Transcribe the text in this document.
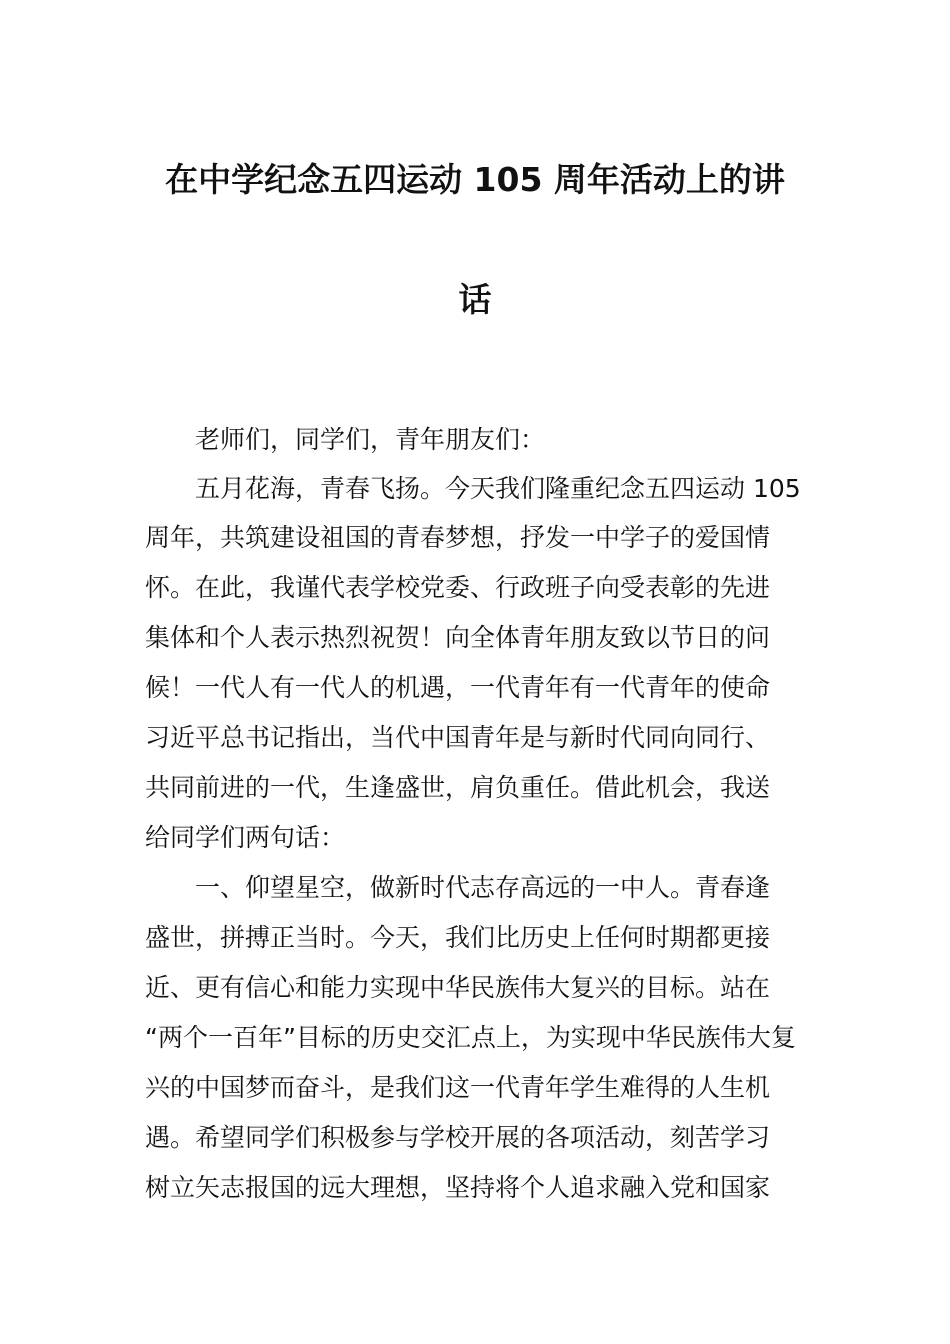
在中学纪念五四运动 105 周年活动上的讲
话
老师们，同学们，青年朋友们：
五月花海，青春飞扬。今天我们隆重纪念五四运动 105
周年，共筑建设祖国的青春梦想，抒发一中学子的爱国情
怀。在此，我谨代表学校党委、行政班子向受表彰的先进
集体和个人表示热烈祝贺！向全体青年朋友致以节日的问
候！一代人有一代人的机遇，一代青年有一代青年的使命
习近平总书记指出，当代中国青年是与新时代同向同行、
共同前进的一代，生逢盛世，肩负重任。借此机会，我送
给同学们两句话：
一、仰望星空，做新时代志存高远的一中人。青春逢
盛世，拼搏正当时。今天，我们比历史上任何时期都更接
近、更有信心和能力实现中华民族伟大复兴的目标。站在
“两个一百年”目标的历史交汇点上，为实现中华民族伟大复
兴的中国梦而奋斗，是我们这一代青年学生难得的人生机
遇。希望同学们积极参与学校开展的各项活动，刻苦学习
树立矢志报国的远大理想，坚持将个人追求融入党和国家
